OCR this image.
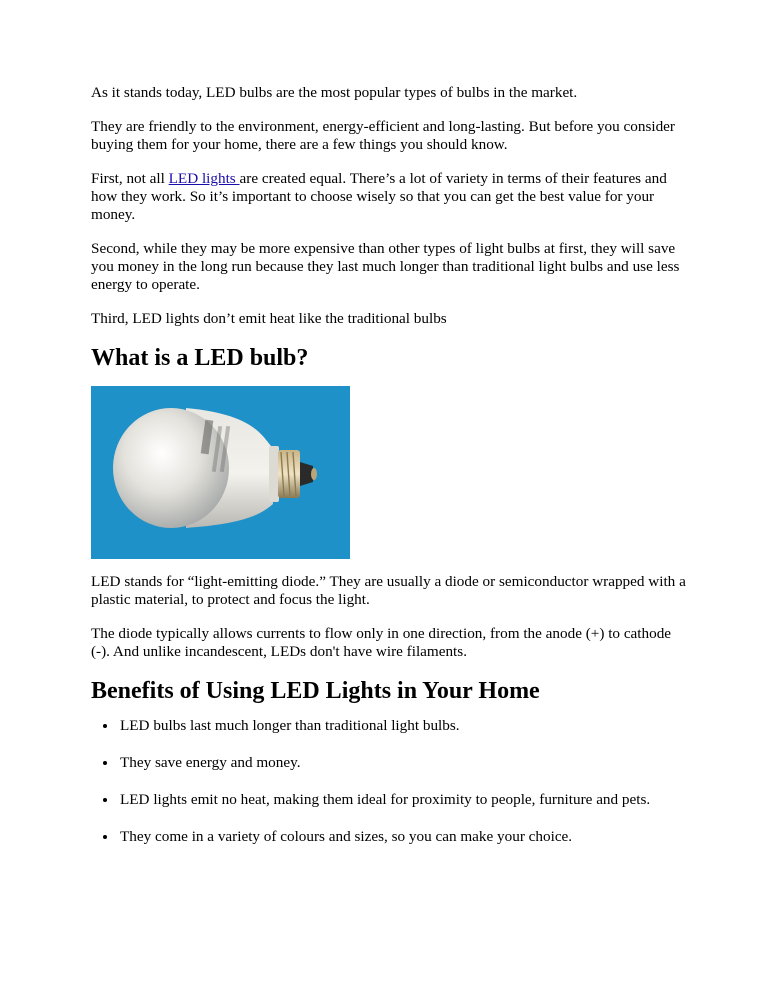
As it stands today, LED bulbs are the most popular types of bulbs in the market.

They are friendly to the environment, energy-efficient and long-lasting. But before you consider buying them for your home, there are a few things you should know.

First, not all LED lights are created equal. There’s a lot of variety in terms of their features and how they work. So it’s important to choose wisely so that you can get the best value for your money.

Second, while they may be more expensive than other types of light bulbs at first, they will save you money in the long run because they last much longer than traditional light bulbs and use less energy to operate.

Third, LED lights don’t emit heat like the traditional bulbs

What is a LED bulb?

LED stands for “light-emitting diode.” They are usually a diode or semiconductor wrapped with a plastic material, to protect and focus the light.

The diode typically allows currents to flow only in one direction, from the anode (+) to cathode (-). And unlike incandescent, LEDs don't have wire filaments.

Benefits of Using LED Lights in Your Home
• LED bulbs last much longer than traditional light bulbs.
• They save energy and money.
• LED lights emit no heat, making them ideal for proximity to people, furniture and pets.
• They come in a variety of colours and sizes, so you can make your choice.
